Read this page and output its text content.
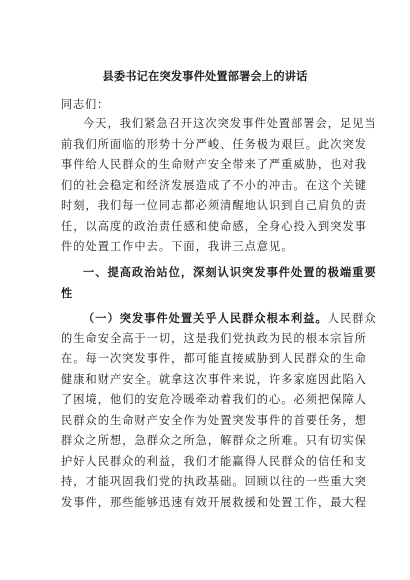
县委书记在突发事件处置部署会上的讲话
同志们：
今天，我们紧急召开这次突发事件处置部署会，足见当
前我们所面临的形势十分严峻、任务极为艰巨。此次突发
事件给人民群众的生命财产安全带来了严重威胁，也对我
们的社会稳定和经济发展造成了不小的冲击。在这个关键
时刻，我们每一位同志都必须清醒地认识到自己肩负的责
任，以高度的政治责任感和使命感，全身心投入到突发事
件的处置工作中去。下面，我讲三点意见。
一、提高政治站位，深刻认识突发事件处置的极端重要
性
（一）突发事件处置关乎人民群众根本利益。人民群众
的生命安全高于一切，这是我们党执政为民的根本宗旨所
在。每一次突发事件，都可能直接威胁到人民群众的生命
健康和财产安全。就拿这次事件来说，许多家庭因此陷入
了困境，他们的安危冷暖牵动着我们的心。必须把保障人
民群众的生命财产安全作为处置突发事件的首要任务，想
群众之所想，急群众之所急，解群众之所难。只有切实保
护好人民群众的利益，我们才能赢得人民群众的信任和支
持，才能巩固我们党的执政基础。回顾以往的一些重大突
发事件，那些能够迅速有效开展救援和处置工作，最大程
